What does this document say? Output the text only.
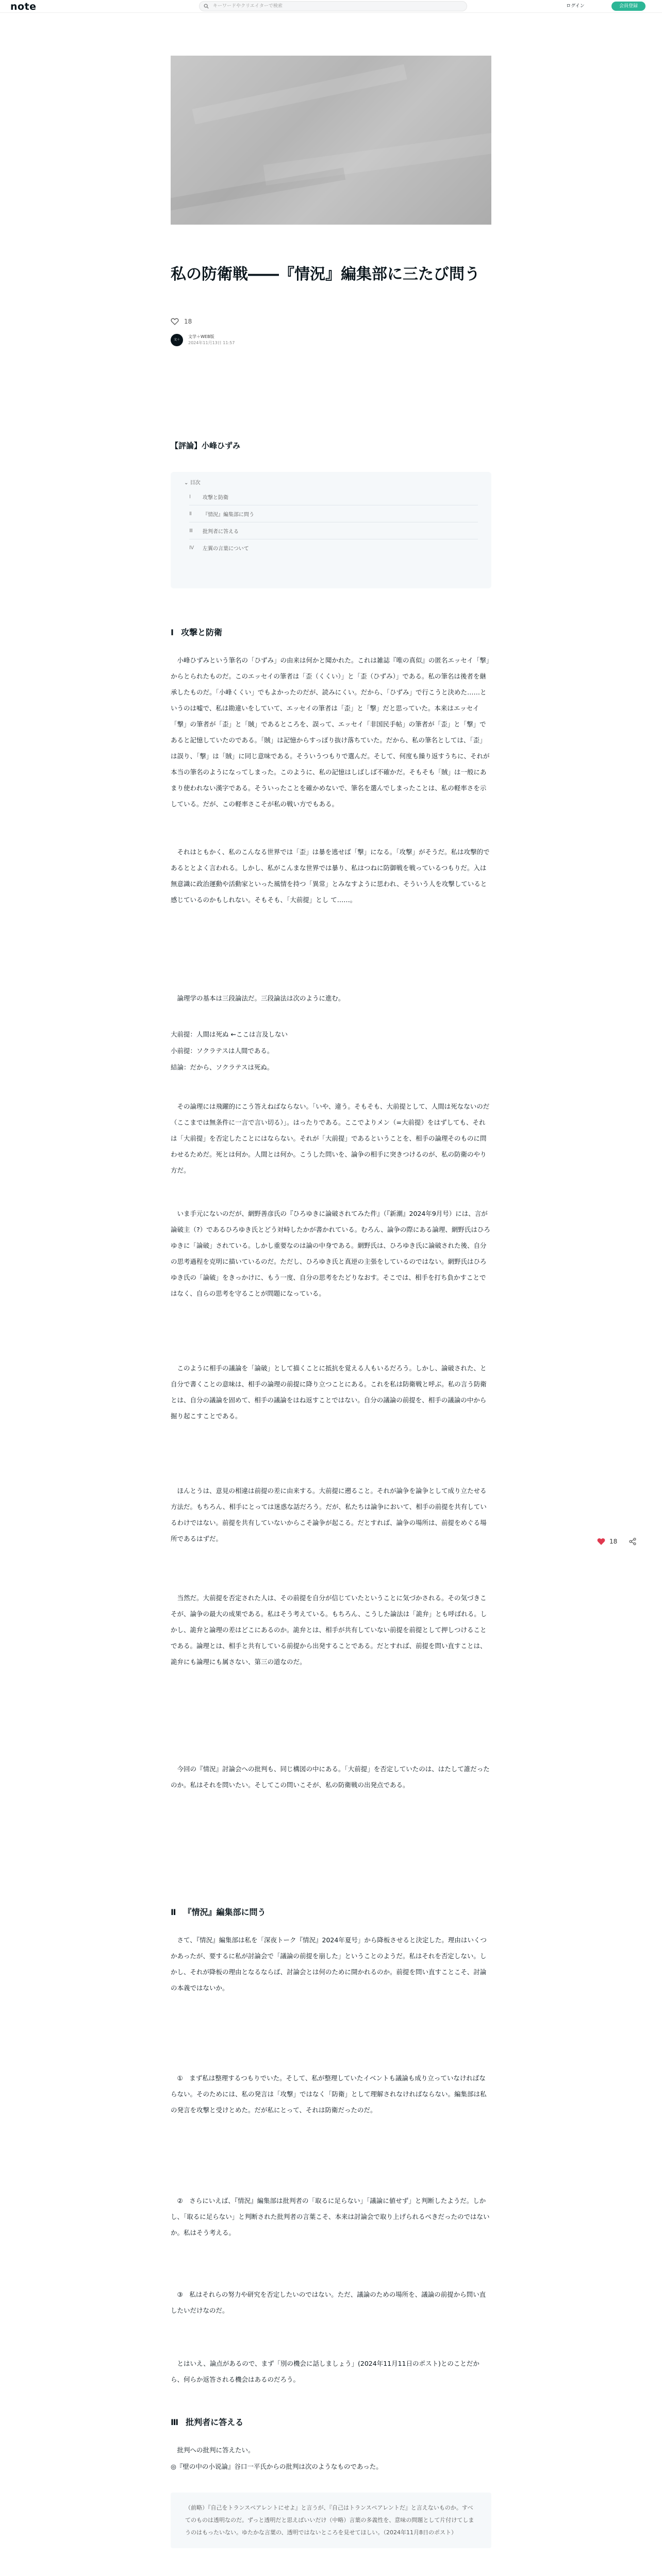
note
キーワードやクリエイターで検索	ログイン	会員登録
私の防衛戦――『情況』編集部に三たび問う
18
文＋
文学＋WEB版
2024年11月13日 11:57
【評論】小峰ひずみ
⌄ 目次
Ⅰ	攻撃と防衛
Ⅱ	『情況』編集部に問う
Ⅲ	批判者に答える
Ⅳ	左翼の言葉について
Ⅰ 攻撃と防衛

　小峰ひずみという筆名の「ひずみ」の由来は何かと聞かれた。これは雑誌『唯の真似』の匿名エッセイ「撃」からとられたものだ。このエッセイの筆者は「歪（くくい）」と「歪（ひずみ）」である。私の筆名は後者を継承したものだ。「小峰くくい」でもよかったのだが、読みにくい。だから、「ひずみ」で行こうと決めた……というのは嘘で、私は勘違いをしていて、エッセイの筆者は「歪」と「撃」だと思っていた。本来はエッセイ「撃」の筆者が「歪」と「賊」であるところを、誤って、エッセイ「非国民手帖」の筆者が「歪」と「撃」であると記憶していたのである。「賊」は記憶からすっぽり抜け落ちていた。だから、私の筆名としては、「歪」は誤り、「撃」は「賊」に同じ意味である。そういうつもりで選んだ。そして、何度も繰り返すうちに、それが本当の筆名のようになってしまった。このように、私の記憶はしばしば不確かだ。そもそも「賊」は一般にあまり使われない漢字である。そういったことを確かめないで、筆名を選んでしまったことは、私の軽率さを示している。だが、この軽率さこそが私の戦い方でもある。

　それはともかく、私のこんなる世界では「歪」は暴を逃せば「撃」になる。「攻撃」がそうだ。私は攻撃的であるととよく言われる。しかし、私がこんまな世界では暴り、私はつねに防御戦を戦っているつもりだ。入は無意識に政治運動や活動家といった風情を持つ「異常」とみなすように思われ、そういう人を攻撃していると感じているのかもしれない。そもそも、「大前提」とし て……。

　論理学の基本は三段論法だ。三段論法は次のように進む。

大前提：人間は死ぬ ←ここは言及しない

小前提：ソクラテスは人間である。

結論：だから、ソクラテスは死ぬ。

　その論理には飛躍的にこう答えねばならない。「いや、違う。そもそも、大前提として、人間は死なないのだ（ここまでは無条件に一言で言い切る）」。はったりである。ここでよりメン（=大前提）をはずしても、それは「大前提」を否定したことにはならない。それが「大前提」であるということを、相手の論理そのものに問わせるためだ。死とは何か。人間とは何か。こうした問いを、論争の相手に突きつけるのが、私の防衛のやり方だ。

　いま手元にないのだが、網野善彦氏の『ひろゆきに論破されてみた件』（『新潮』2024年9月号）には、言が論破主（?）であるひろゆき氏とどう対峙したかが書かれている。むろん、論争の際にある論理、網野氏はひろゆきに「論破」されている。しかし重要なのは論の中身である。網野氏は、ひろゆき氏に論破された後、自分の思考過程を克明に描いているのだ。ただし、ひろゆき氏と真逆の主張をしているのではない。網野氏はひろゆき氏の「論破」をきっかけに、もう一度、自分の思考をたどりなおす。そこでは、相手を打ち負かすことではなく、自らの思考を守ることが問題になっている。

　このように相手の議論を「論破」として描くことに抵抗を覚える人もいるだろう。しかし、論破された、と自分で書くことの意味は、相手の論理の前提に降り立つことにある。これを私は防衛戦と呼ぶ。私の言う防衛とは、自分の議論を固めて、相手の議論をはね返すことではない。自分の議論の前提を、相手の議論の中から掘り起こすことである。

　ほんとうは、意見の相違は前提の差に由来する。大前提に遡ること。それが論争を論争として成り立たせる方法だ。もちろん、相手にとっては迷惑な話だろう。だが、私たちは論争において、相手の前提を共有しているわけではない。前提を共有していないからこそ論争が起こる。だとすれば、論争の場所は、前提をめぐる場所であるはずだ。

　当然だ。大前提を否定された人は、その前提を自分が信じていたということに気づかされる。その気づきこそが、論争の最大の成果である。私はそう考えている。もちろん、こうした論法は「詭弁」とも呼ばれる。しかし、詭弁と論理の差はどこにあるのか。詭弁とは、相手が共有していない前提を前提として押しつけることである。論理とは、相手と共有している前提から出発することである。だとすれば、前提を問い直すことは、詭弁にも論理にも属さない、第三の道なのだ。

　今回の『情況』討論会への批判も、同じ構図の中にある。「大前提」を否定していたのは、はたして誰だったのか。私はそれを問いたい。そしてこの問いこそが、私の防衛戦の出発点である。

Ⅱ 『情況』編集部に問う

　さて、『情況』編集部は私を「深夜トーク『情況』2024年夏号」から降板させると決定した。理由はいくつかあったが、要するに私が討論会で「議論の前提を崩した」ということのようだ。私はそれを否定しない。しかし、それが降板の理由となるならば、討論会とは何のために開かれるのか。前提を問い直すことこそ、討論の本義ではないか。

　①　まず私は整理するつもりでいた。そして、私が整理していたイベントも議論も成り立っていなければならない。そのためには、私の発言は「攻撃」ではなく「防衛」として理解されなければならない。編集部は私の発言を攻撃と受けとめた。だが私にとって、それは防衛だったのだ。

　②　さらにいえば、『情況』編集部は批判者の「取るに足らない」「議論に値せず」と判断したようだ。しかし、「取るに足らない」と判断された批判者の言葉こそ、本来は討論会で取り上げられるべきだったのではないか。私はそう考える。

　③　私はそれらの努力や研究を否定したいのではない。ただ、議論のための場所を、議論の前提から問い直したいだけなのだ。

　とはいえ、論点があるので、まず「別の機会に話しましょう」(2024年11月11日のポスト)とのことだから、何らか返答される機会はあるのだろう。

Ⅲ 批判者に答える

　批判への批判に答えたい。

◎『壁の中の小说論』谷口一平氏からの批判は次のようなものであった。

（前略）『自己をトランスペアレントにせよ』と言うが、『自己はトランスペアレントだ』と言えないものか。すべてのものは透明なのだ。ずっと透明だと思えばいいだけ（中略）言葉の多義性を、意味の問題として片付けてしまうのはもったいない。ゆたかな言葉の、透明ではないところを見せてほしい。（2024年11月8日のポスト）

18
